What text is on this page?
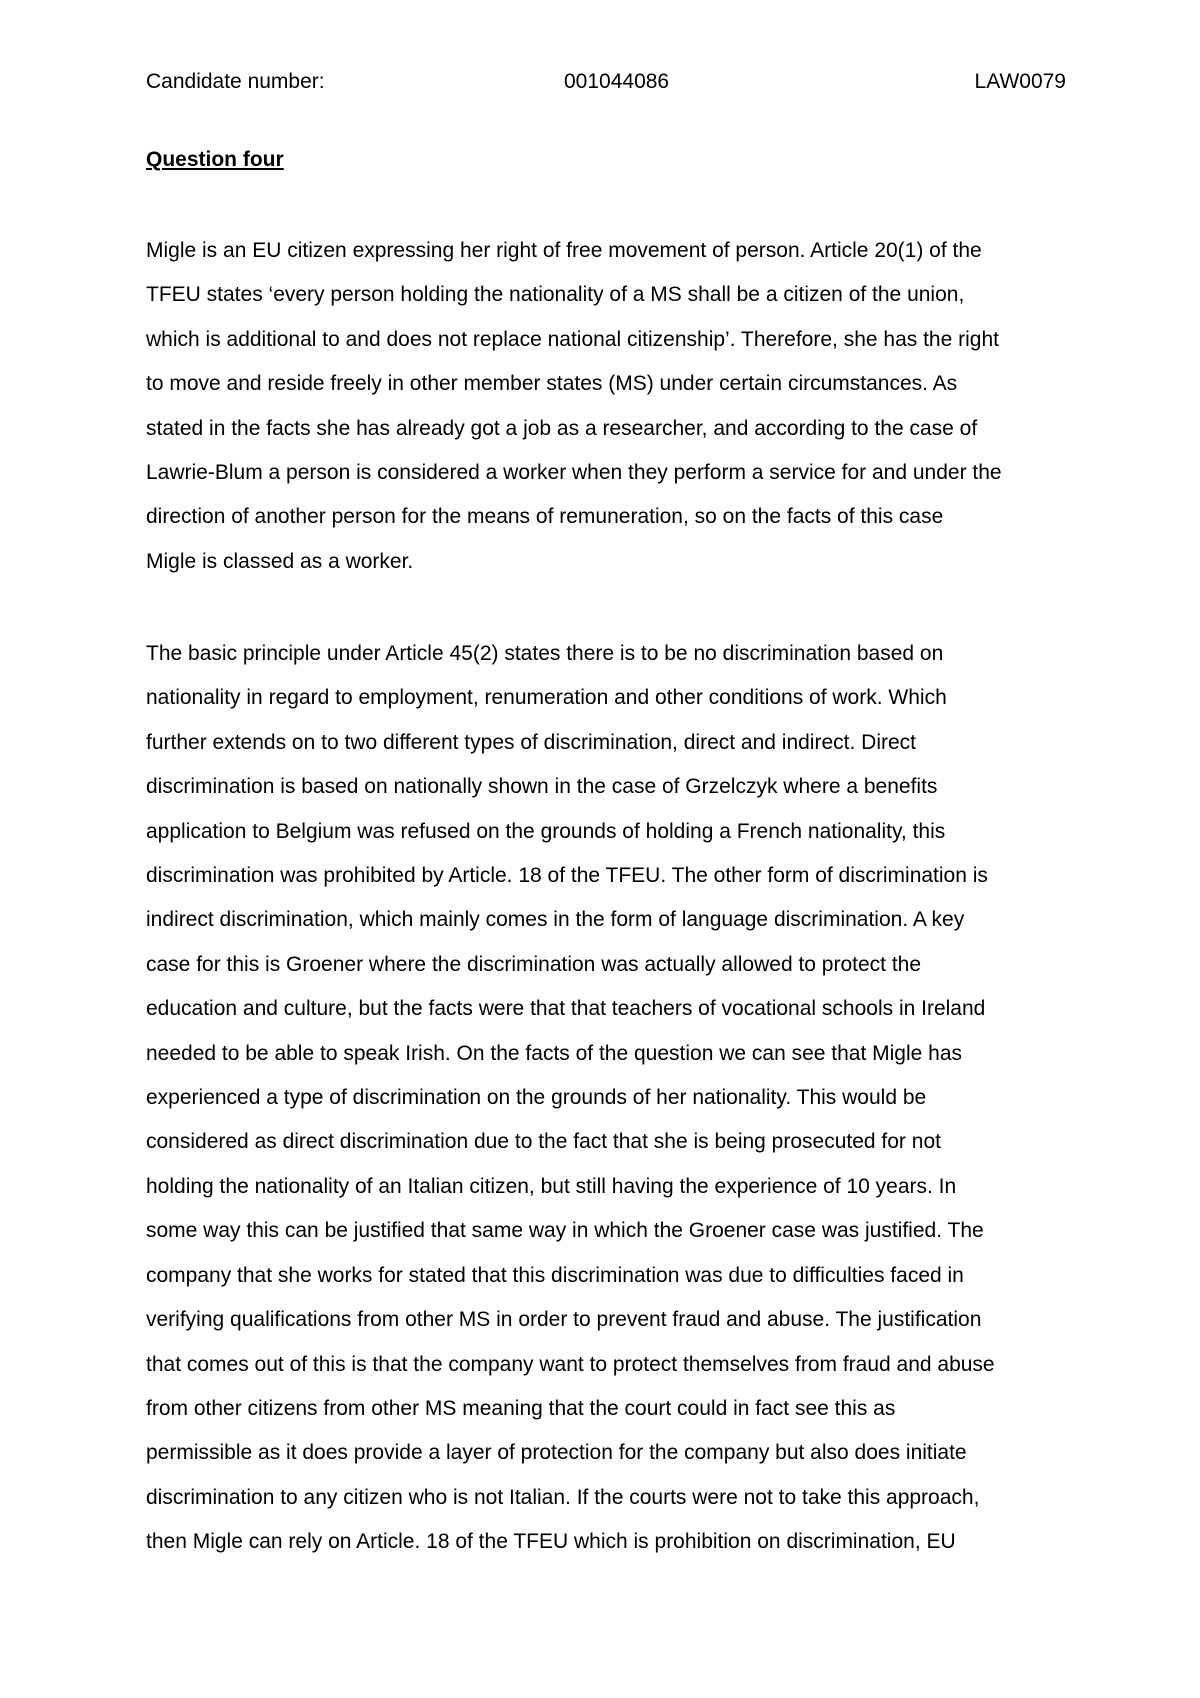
Candidate number:	001044086	LAW0079
Question four
Migle is an EU citizen expressing her right of free movement of person. Article 20(1) of the
TFEU states ‘every person holding the nationality of a MS shall be a citizen of the union,
which is additional to and does not replace national citizenship’. Therefore, she has the right
to move and reside freely in other member states (MS) under certain circumstances. As
stated in the facts she has already got a job as a researcher, and according to the case of
Lawrie-Blum a person is considered a worker when they perform a service for and under the
direction of another person for the means of remuneration, so on the facts of this case
Migle is classed as a worker.
The basic principle under Article 45(2) states there is to be no discrimination based on
nationality in regard to employment, renumeration and other conditions of work. Which
further extends on to two different types of discrimination, direct and indirect. Direct
discrimination is based on nationally shown in the case of Grzelczyk where a benefits
application to Belgium was refused on the grounds of holding a French nationality, this
discrimination was prohibited by Article. 18 of the TFEU. The other form of discrimination is
indirect discrimination, which mainly comes in the form of language discrimination. A key
case for this is Groener where the discrimination was actually allowed to protect the
education and culture, but the facts were that that teachers of vocational schools in Ireland
needed to be able to speak Irish. On the facts of the question we can see that Migle has
experienced a type of discrimination on the grounds of her nationality. This would be
considered as direct discrimination due to the fact that she is being prosecuted for not
holding the nationality of an Italian citizen, but still having the experience of 10 years. In
some way this can be justified that same way in which the Groener case was justified. The
company that she works for stated that this discrimination was due to difficulties faced in
verifying qualifications from other MS in order to prevent fraud and abuse. The justification
that comes out of this is that the company want to protect themselves from fraud and abuse
from other citizens from other MS meaning that the court could in fact see this as
permissible as it does provide a layer of protection for the company but also does initiate
discrimination to any citizen who is not Italian. If the courts were not to take this approach,
then Migle can rely on Article. 18 of the TFEU which is prohibition on discrimination, EU
